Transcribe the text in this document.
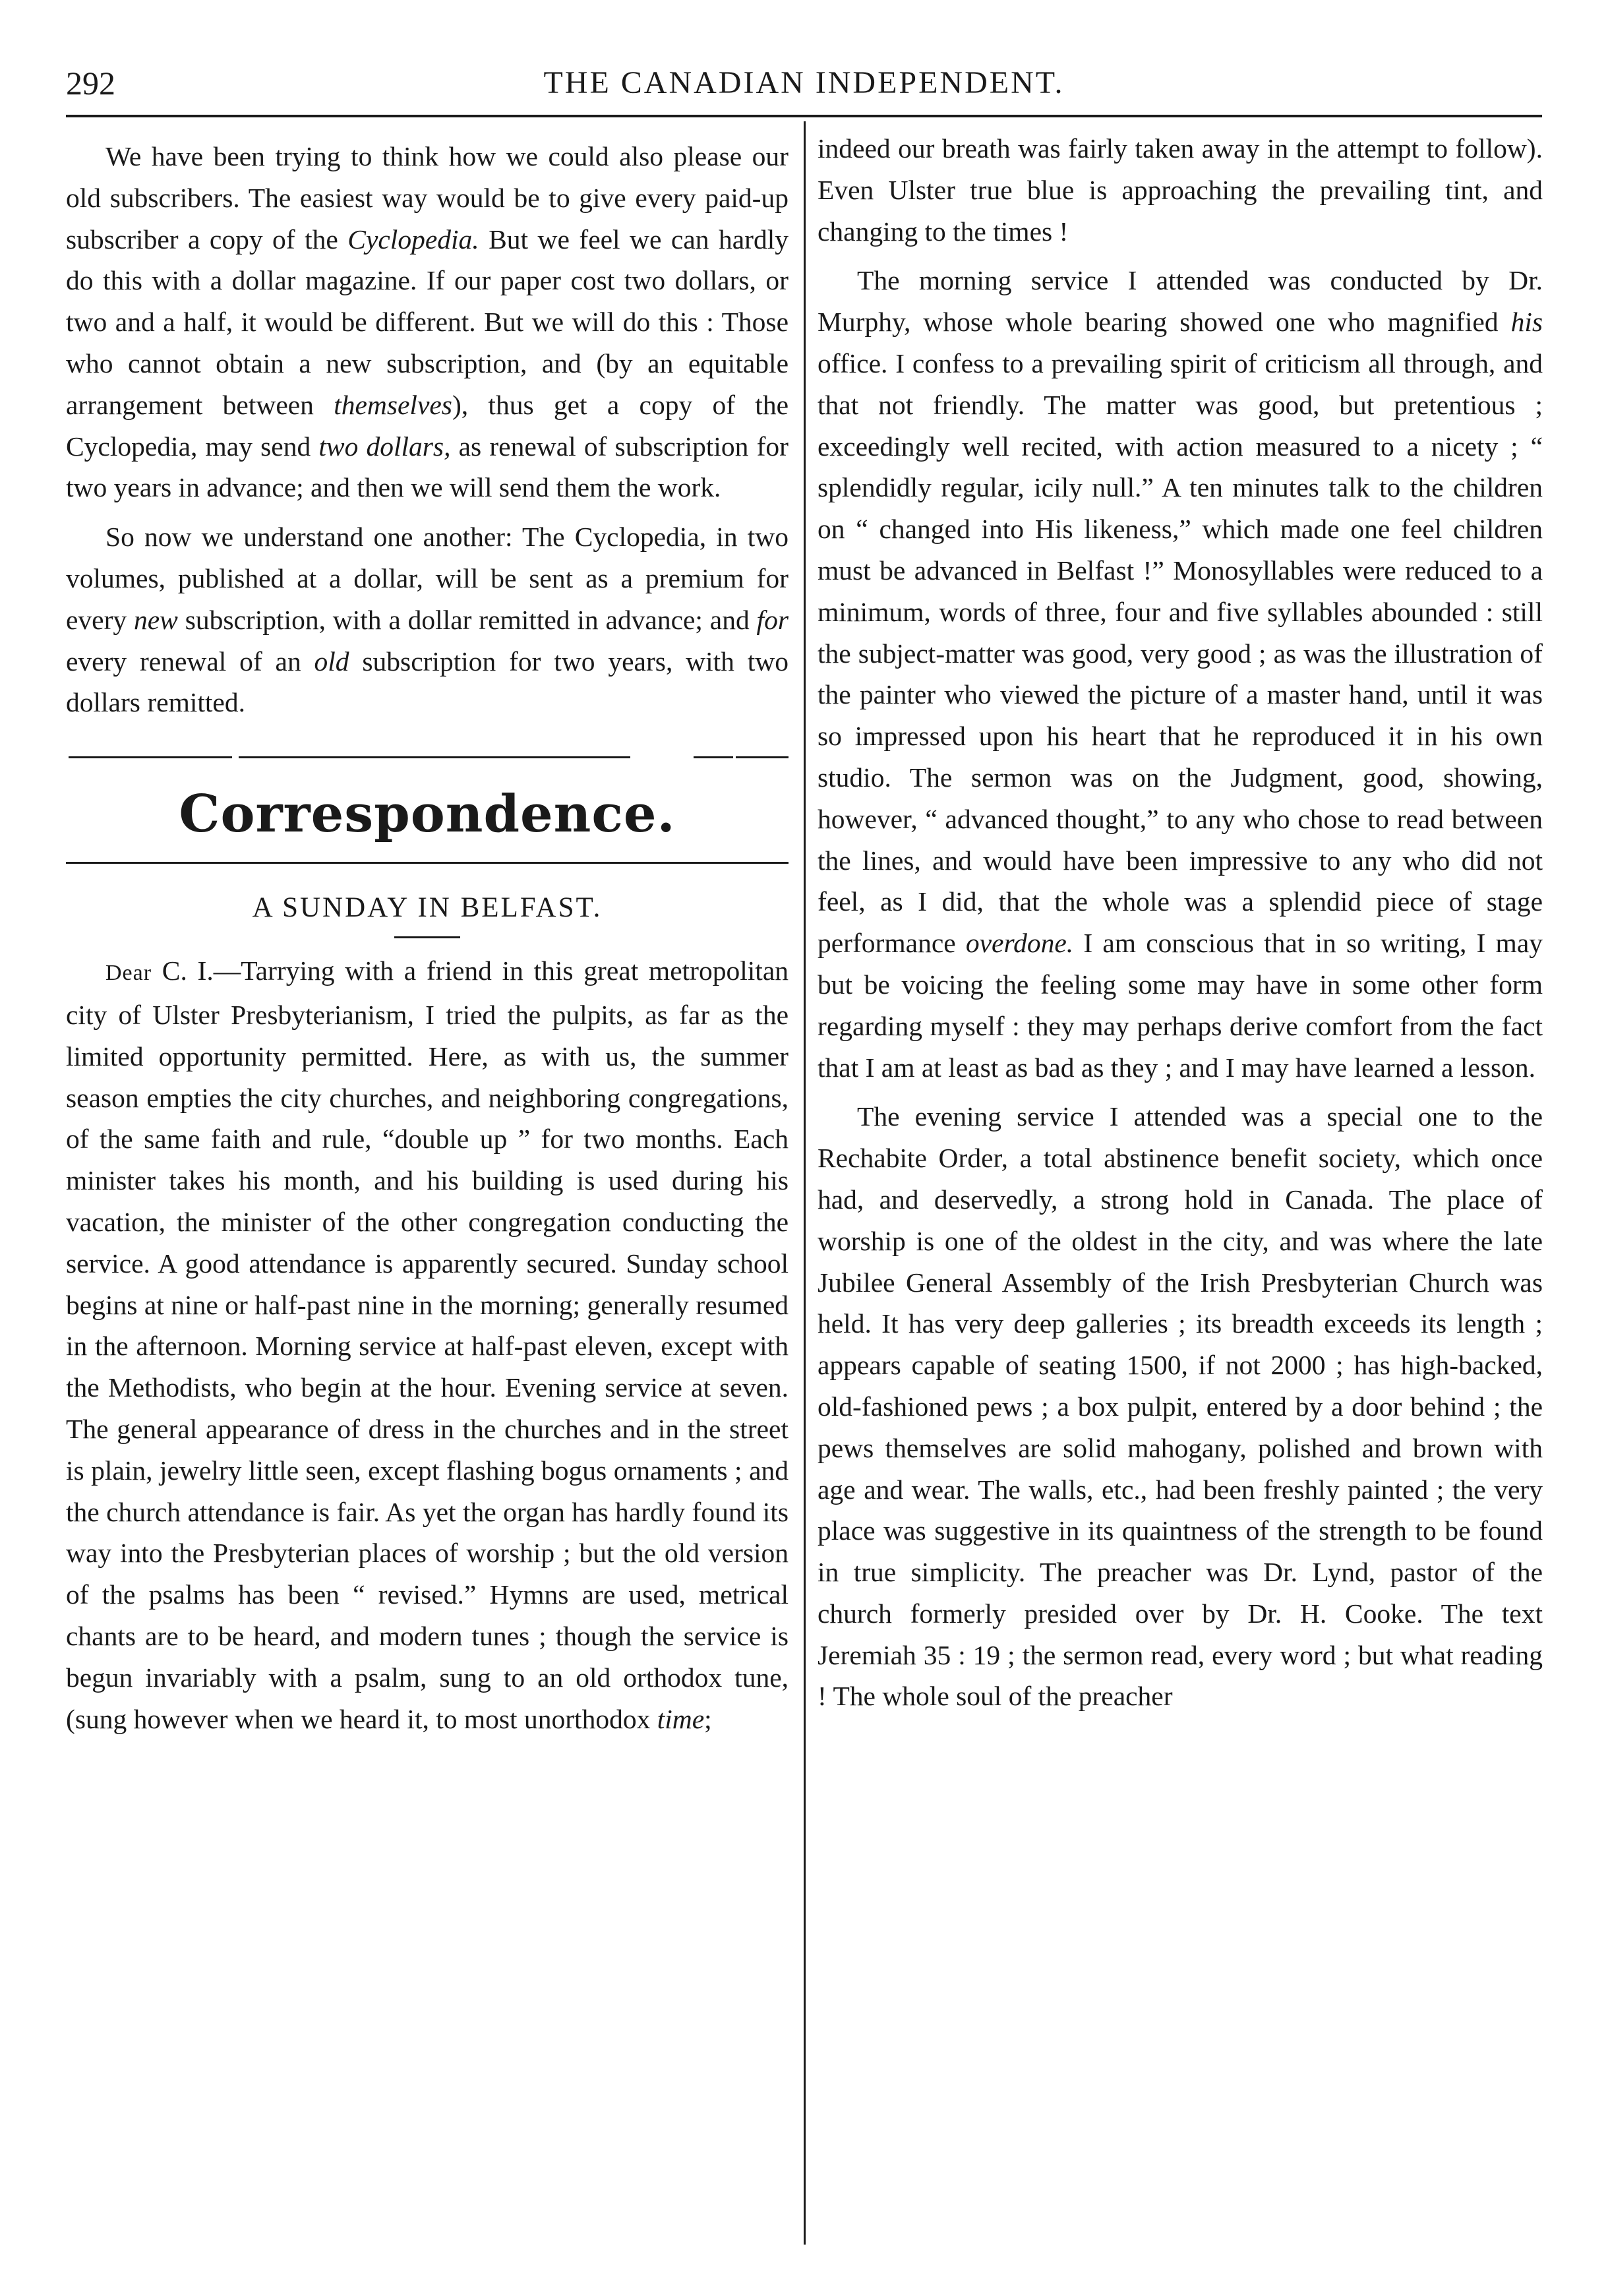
292	THE CANADIAN INDEPENDENT.

We have been trying to think how we could also please our old subscribers. The easiest way would be to give every paid-up subscriber a copy of the Cyclopedia. But we feel we can hardly do this with a dollar magazine. If our paper cost two dollars, or two and a half, it would be different. But we will do this : Those who cannot obtain a new subscription, and (by an equitable arrangement between themselves), thus get a copy of the Cyclopedia, may send two dollars, as renewal of subscription for two years in advance; and then we will send them the work.

So now we understand one another: The Cyclopedia, in two volumes, published at a dollar, will be sent as a premium for every new subscription, with a dollar remitted in advance; and for every renewal of an old subscription for two years, with two dollars remitted.

Correspondence.
A SUNDAY IN BELFAST.

Dear C. I.—Tarrying with a friend in this great metropolitan city of Ulster Presbyterianism, I tried the pulpits, as far as the limited opportunity permitted. Here, as with us, the summer season empties the city churches, and neighboring congregations, of the same faith and rule, “double up ” for two months. Each minister takes his month, and his building is used during his vacation, the minister of the other congregation conducting the service. A good attendance is apparently secured. Sunday school begins at nine or half-past nine in the morning; generally resumed in the afternoon. Morning service at half-past eleven, except with the Methodists, who begin at the hour. Evening service at seven. The general appearance of dress in the churches and in the street is plain, jewelry little seen, except flashing bogus ornaments ; and the church attendance is fair. As yet the organ has hardly found its way into the Presbyterian places of worship ; but the old version of the psalms has been “ revised.” Hymns are used, metrical chants are to be heard, and modern tunes ; though the service is begun invariably with a psalm, sung to an old orthodox tune, (sung however when we heard it, to most unorthodox time;

indeed our breath was fairly taken away in the attempt to follow). Even Ulster true blue is approaching the prevailing tint, and changing to the times !

The morning service I attended was conducted by Dr. Murphy, whose whole bearing showed one who magnified his office. I confess to a prevailing spirit of criticism all through, and that not friendly. The matter was good, but pretentious ; exceedingly well recited, with action measured to a nicety ; “ splendidly regular, icily null.” A ten minutes talk to the children on “ changed into His likeness,” which made one feel children must be advanced in Belfast !” Monosyllables were reduced to a minimum, words of three, four and five syllables abounded : still the subject-matter was good, very good ; as was the illustration of the painter who viewed the picture of a master hand, until it was so impressed upon his heart that he reproduced it in his own studio. The sermon was on the Judgment, good, showing, however, “ advanced thought,” to any who chose to read between the lines, and would have been impressive to any who did not feel, as I did, that the whole was a splendid piece of stage performance overdone. I am conscious that in so writing, I may but be voicing the feeling some may have in some other form regarding myself : they may perhaps derive comfort from the fact that I am at least as bad as they ; and I may have learned a lesson.

The evening service I attended was a special one to the Rechabite Order, a total abstinence benefit society, which once had, and deservedly, a strong hold in Canada. The place of worship is one of the oldest in the city, and was where the late Jubilee General Assembly of the Irish Presbyterian Church was held. It has very deep galleries ; its breadth exceeds its length ; appears capable of seating 1500, if not 2000 ; has high-backed, old-fashioned pews ; a box pulpit, entered by a door behind ; the pews themselves are solid mahogany, polished and brown with age and wear. The walls, etc., had been freshly painted ; the very place was suggestive in its quaintness of the strength to be found in true simplicity. The preacher was Dr. Lynd, pastor of the church formerly presided over by Dr. H. Cooke. The text Jeremiah 35 : 19 ; the sermon read, every word ; but what reading ! The whole soul of the preacher
